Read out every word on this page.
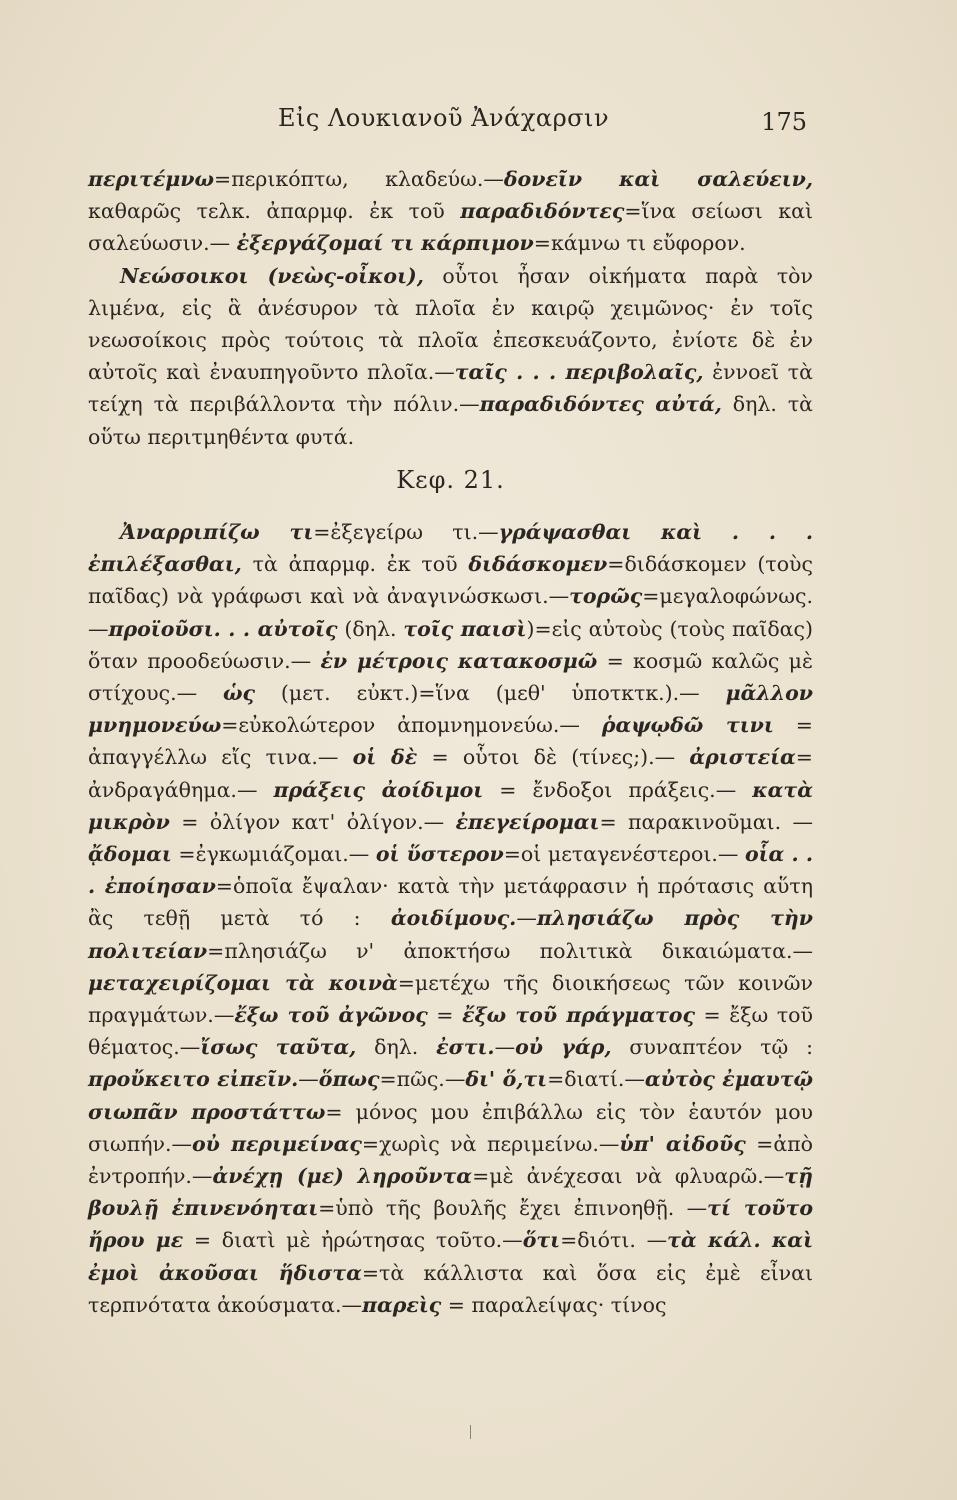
Εἰς Λουκιανοῦ Ἀνάχαρσιν	175

περιτέμνω=περικόπτω, κλαδεύω.—δονεῖν καὶ σαλεύειν, καθαρῶς τελκ. ἀπαρμφ. ἐκ τοῦ παραδιδόντες=ἵνα σείωσι καὶ σαλεύωσιν.— ἐξεργάζομαί τι κάρπιμον=κάμνω τι εὔφορον.

Νεώσοικοι (νεὼς-οἶκοι), οὗτοι ἦσαν οἰκήματα παρὰ τὸν λιμένα, εἰς ἃ ἀνέσυρον τὰ πλοῖα ἐν καιρῷ χειμῶνος· ἐν τοῖς νεωσοίκοις πρὸς τούτοις τὰ πλοῖα ἐπεσκευάζοντο, ἐνίοτε δὲ ἐν αὐτοῖς καὶ ἐναυπηγοῦντο πλοῖα.—ταῖς . . . περιβολαῖς, ἐννοεῖ τὰ τείχη τὰ περιβάλλοντα τὴν πόλιν.—παραδιδόντες αὐτά, δηλ. τὰ οὕτω περιτμηθέντα φυτά.

Κεφ. 21.

Ἀναρριπίζω τι=ἐξεγείρω τι.—γράψασθαι καὶ . . . ἐπιλέξασθαι, τὰ ἀπαρμφ. ἐκ τοῦ διδάσκομεν=διδάσκομεν (τοὺς παῖδας) νὰ γράφωσι καὶ νὰ ἀναγινώσκωσι.—τορῶς=μεγαλοφώνως. —προϊοῦσι. . . αὐτοῖς (δηλ. τοῖς παισὶ)=εἰς αὐτοὺς (τοὺς παῖδας) ὅταν προοδεύωσιν.— ἐν μέτροις κατακοσμῶ = κοσμῶ καλῶς μὲ στίχους.— ὡς (μετ. εὐκτ.)=ἵνα (μεθ' ὑποτκτκ.).— μᾶλλον μνημονεύω=εὐκολώτερον ἀπομνημονεύω.— ῥαψῳδῶ τινι = ἀπαγγέλλω εἴς τινα.— οἱ δὲ = οὗτοι δὲ (τίνες;).— ἀριστεία= ἀνδραγάθημα.— πράξεις ἀοίδιμοι = ἔνδοξοι πράξεις.— κατὰ μικρὸν = ὀλίγον κατ' ὀλίγον.— ἐπεγείρομαι= παρακινοῦμαι. —ᾄδομαι =ἐγκωμιάζομαι.— οἱ ὕστερον=οἱ μεταγενέστεροι.— οἷα . . . ἐποίησαν=ὁποῖα ἔψαλαν· κατὰ τὴν μετάφρασιν ἡ πρότασις αὕτη ἂς τεθῇ μετὰ τό : ἀοιδίμους.—πλησιάζω πρὸς τὴν πολιτείαν=πλησιάζω ν' ἀποκτήσω πολιτικὰ δικαιώματα.—μεταχειρίζομαι τὰ κοινὰ=μετέχω τῆς διοικήσεως τῶν κοινῶν πραγμάτων.—ἔξω τοῦ ἀγῶνος = ἔξω τοῦ πράγματος = ἔξω τοῦ θέματος.—ἴσως ταῦτα, δηλ. ἐστι.—οὐ γάρ, συναπτέον τῷ : προὔκειτο εἰπεῖν.—ὅπως=πῶς.—δι' ὅ,τι=διατί.—αὐτὸς ἐμαυτῷ σιωπᾶν προστάττω= μόνος μου ἐπιβάλλω εἰς τὸν ἑαυτόν μου σιωπήν.—οὐ περιμείνας=χωρὶς νὰ περιμείνω.—ὑπ' αἰδοῦς =ἀπὸ ἐντροπήν.—ἀνέχῃ (με) ληροῦντα=μὲ ἀνέχεσαι νὰ φλυαρῶ.—τῇ βουλῇ ἐπινενόηται=ὑπὸ τῆς βουλῆς ἔχει ἐπινοηθῇ. —τί τοῦτο ἤρου με = διατὶ μὲ ἠρώτησας τοῦτο.—ὅτι=διότι. —τὰ κάλ. καὶ ἐμοὶ ἀκοῦσαι ἥδιστα=τὰ κάλλιστα καὶ ὅσα εἰς ἐμὲ εἶναι τερπνότατα ἀκούσματα.—παρεὶς = παραλείψας· τίνος
